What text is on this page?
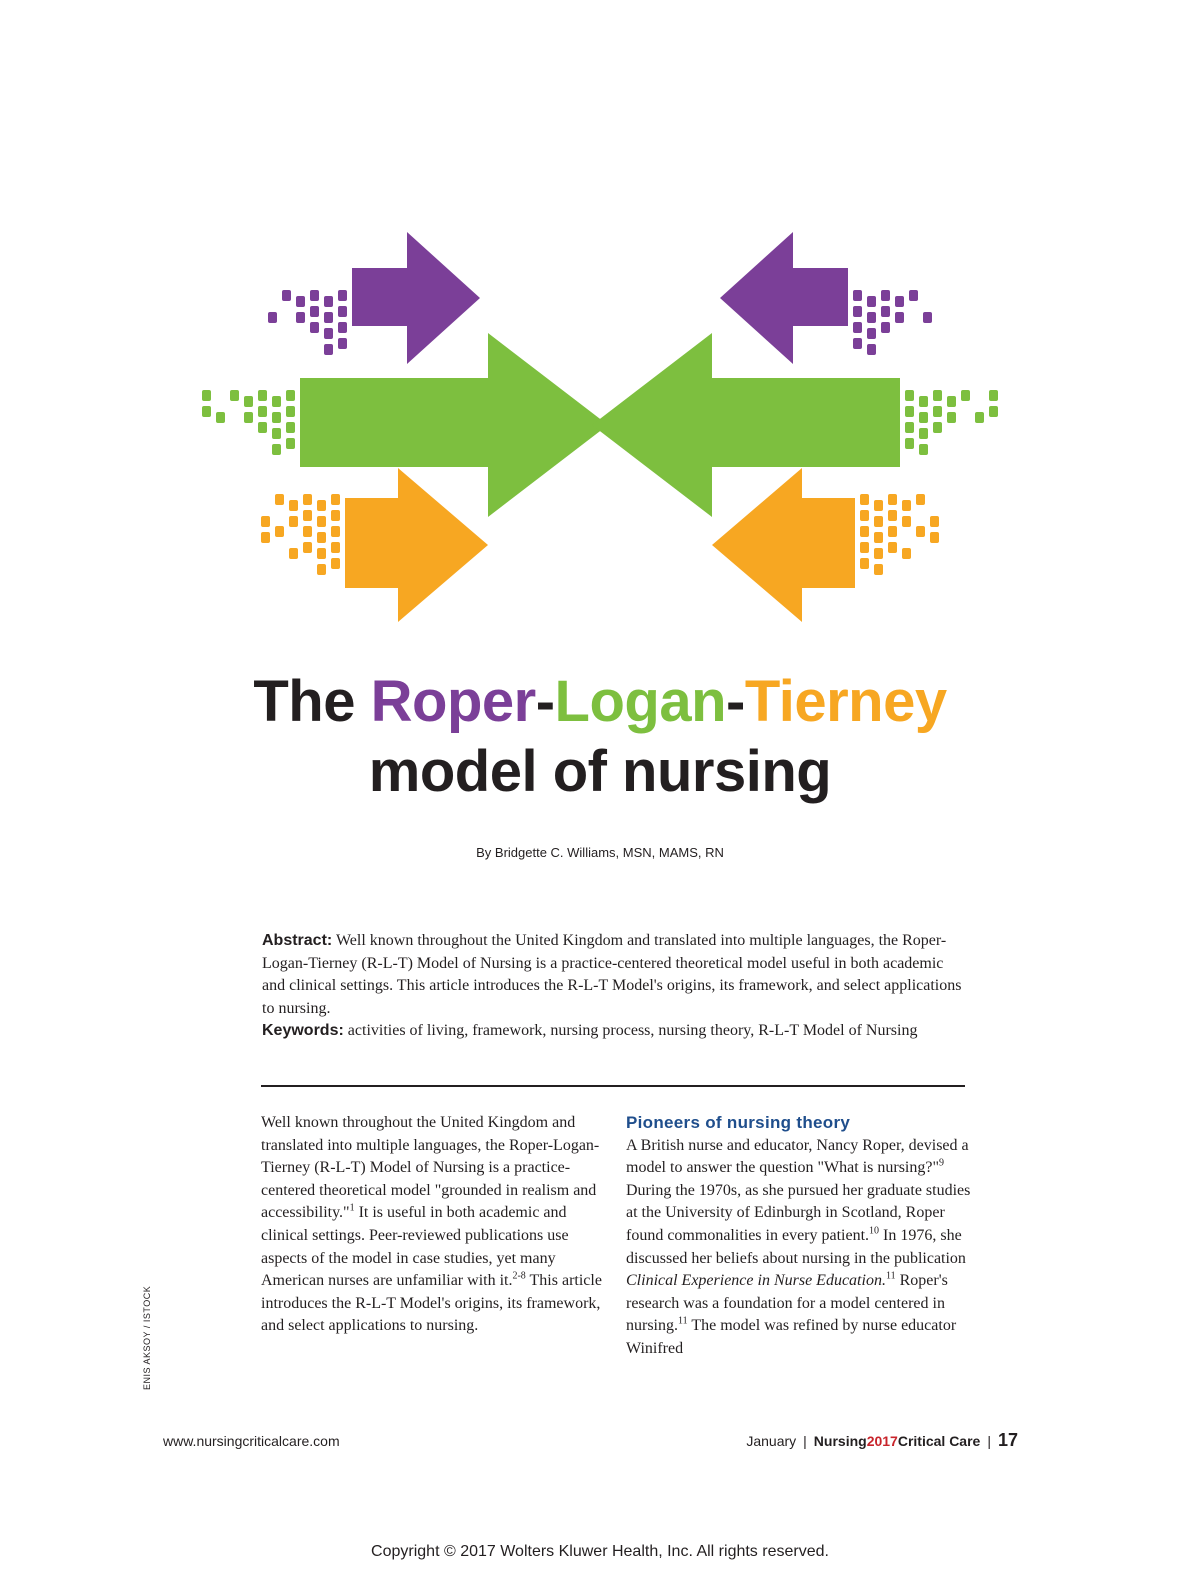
The Roper-Logan-Tierney
model of nursing
By Bridgette C. Williams, MSN, MAMS, RN
Abstract: Well known throughout the United Kingdom and translated into multiple languages, the Roper-Logan-Tierney (R-L-T) Model of Nursing is a practice-centered theoretical model useful in both academic and clinical settings. This article introduces the R-L-T Model's origins, its framework, and select applications to nursing.
Keywords: activities of living, framework, nursing process, nursing theory, R-L-T Model of Nursing
Well known throughout the United Kingdom and translated into multiple languages, the Roper-Logan-Tierney (R-L-T) Model of Nursing is a practice-centered theoretical model "grounded in realism and accessibility."$^1$ It is useful in both academic and clinical settings. Peer-reviewed publications use aspects of the model in case studies, yet many American nurses are unfamiliar with it.$^{2-8}$ This article introduces the R-L-T Model's origins, its framework, and select applications to nursing.
Pioneers of nursing theory
A British nurse and educator, Nancy Roper, devised a model to answer the question "What is nursing?"$^9$ During the 1970s, as she pursued her graduate studies at the University of Edinburgh in Scotland, Roper found commonalities in every patient.$^{10}$ In 1976, she discussed her beliefs about nursing in the publication Clinical Experience in Nurse Education.$^{11}$ Roper's research was a foundation for a model centered in nursing.$^{11}$ The model was refined by nurse educator Winifred
ENIS AKSOY / ISTOCK
www.nursingcriticalcare.com	January | Nursing2017Critical Care | 17
Copyright © 2017 Wolters Kluwer Health, Inc. All rights reserved.
